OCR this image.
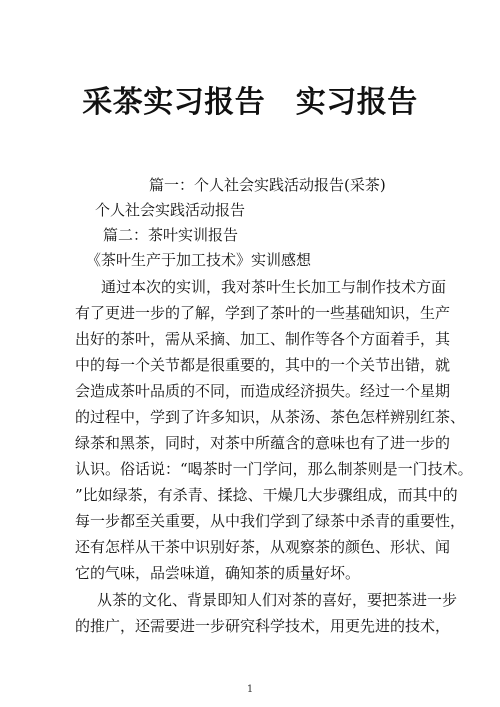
采茶实习报告　实习报告
篇一：个人社会实践活动报告(采茶)
个人社会实践活动报告
篇二：茶叶实训报告
《茶叶生产于加工技术》实训感想
通过本次的实训，我对茶叶生长加工与制作技术方面
有了更进一步的了解，学到了茶叶的一些基础知识，生产
出好的茶叶，需从采摘、加工、制作等各个方面着手，其
中的每一个关节都是很重要的，其中的一个关节出错，就
会造成茶叶品质的不同，而造成经济损失。经过一个星期
的过程中，学到了许多知识，从茶汤、茶色怎样辨别红茶、
绿茶和黑茶，同时，对茶中所蕴含的意味也有了进一步的
认识。俗话说：“喝茶时一门学问，那么制茶则是一门技术。
”比如绿茶，有杀青、揉捻、干燥几大步骤组成，而其中的
每一步都至关重要，从中我们学到了绿茶中杀青的重要性，
还有怎样从干茶中识别好茶，从观察茶的颜色、形状、闻
它的气味，品尝味道，确知茶的质量好坏。
从茶的文化、背景即知人们对茶的喜好，要把茶进一步
的推广，还需要进一步研究科学技术，用更先进的技术，
1
